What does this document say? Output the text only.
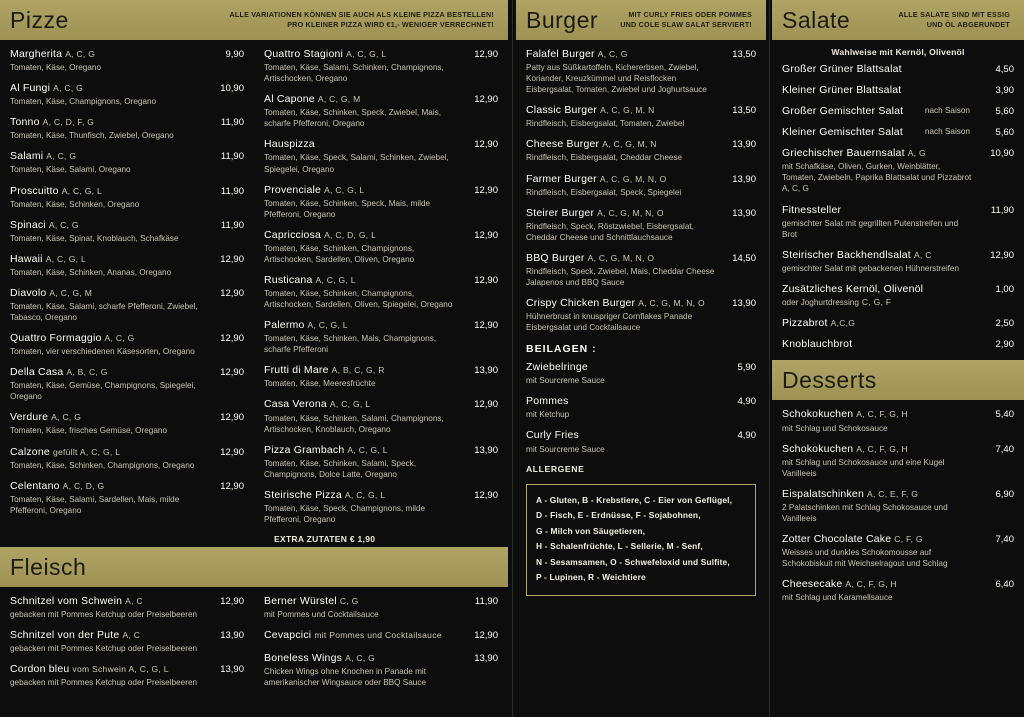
Pizze	ALLE VARIATIONEN KÖNNEN SIE AUCH ALS KLEINE PIZZA BESTELLEN!
PRO KLEINER PIZZA WIRD €1,- WENIGER VERRECHNET!
Margherita A, C, G
Tomaten, Käse, Oregano
9,90
Al Fungi A, C, G
Tomaten, Käse, Champignons, Oregano
10,90
Tonno A, C, D, F, G
Tomaten, Käse, Thunfisch, Zwiebel, Oregano
11,90
Salami A, C, G
Tomaten, Käse, Salami, Oregano
11,90
Proscuitto A, C, G, L
Tomaten, Käse, Schinken, Oregano
11,90
Spinaci A, C, G
Tomaten, Käse, Spinat, Knoblauch, Schafkäse
11,90
Hawaii A, C, G, L
Tomaten, Käse, Schinken, Ananas, Oregano
12,90
Diavolo A, C, G, M
Tomaten, Käse, Salami, scharfe Pfefferoni, Zwiebel, Tabasco, Oregano
12,90
Quattro Formaggio A, C, G
Tomaten, vier verschiedenen Käsesorten, Oregano
12,90
Della Casa A, B, C, G
Tomaten, Käse, Gemüse, Champignons, Spiegelei, Oregano
12,90
Verdure A, C, G
Tomaten, Käse, frisches Gemüse, Oregano
12,90
Calzone gefüllt A, C, G, L
Tomaten, Käse, Schinken, Champignons, Oregano
12,90
Celentano A, C, D, G
Tomaten, Käse, Salami, Sardellen, Mais, milde Pfefferoni, Oregano
12,90
Quattro Stagioni A, C, G, L
Tomaten, Käse, Salami, Schinken, Champignons, Artischocken, Oregano
12,90
Al Capone A, C, G, M
Tomaten, Käse, Schinken, Speck, Zwiebel, Mais, scharfe Pfefferoni, Oregano
12,90
Hauspizza
Tomaten, Käse, Speck, Salami, Schinken, Zwiebel, Spiegelei, Oregano
12,90
Provenciale A, C, G, L
Tomaten, Käse, Schinken, Speck, Mais, milde Pfefferoni, Oregano
12,90
Capricciosa A, C, D, G, L
Tomaten, Käse, Schinken, Champignons, Artischocken, Sardellen, Oliven, Oregano
12,90
Rusticana A, C, G, L
Tomaten, Käse, Schinken, Champignons, Artischocken, Sardellen, Oliven, Spiegelei, Oregano
12,90
Palermo A, C, G, L
Tomaten, Käse, Schinken, Mais, Champignons, scharfe Pfefferoni
12,90
Frutti di Mare A, B, C, G, R
Tomaten, Käse, Meeresfrüchte
13,90
Casa Verona A, C, G, L
Tomaten, Käse, Schinken, Salami, Champignons, Artischocken, Knoblauch, Oregano
12,90
Pizza Grambach A, C, G, L
Tomaten, Käse, Schinken, Salami, Speck, Champignons, Dolce Latte, Oregano
13,90
Steirische Pizza A, C, G, L
Tomaten, Käse, Speck, Champignons, milde Pfefferoni, Oregano
12,90
EXTRA ZUTATEN € 1,90
Fleisch
Schnitzel vom Schwein A, C
gebacken mit Pommes Ketchup oder Preiselbeeren
12,90
Schnitzel von der Pute A, C
gebacken mit Pommes Ketchup oder Preiselbeeren
13,90
Cordon bleu vom Schwein A, C, G, L
gebacken mit Pommes Ketchup oder Preiselbeeren
13,90
Berner Würstel C, G
mit Pommes und Cocktailsauce
11,90
Cevapcici mit Pommes und Cocktailsauce	12,90
Boneless Wings A, C, G
Chicken Wings ohne Knochen in Panade mit amerikanischer Wingsauce oder BBQ Sauce
13,90
Burger	MIT CURLY FRIES ODER POMMES
UND COLE SLAW SALAT SERVIERT!
Falafel Burger A, C, G
Patty aus Süßkartoffeln, Kichererbsen, Zwiebel, Koriander, Kreuzkümmel und Reisflocken Eisbergsalat, Tomaten, Zwiebel und Joghurtsauce
13,50
Classic Burger A, C, G, M, N
Rindfleisch, Eisbergsalat, Tomaten, Zwiebel
13,50
Cheese Burger A, C, G, M, N
Rindfleisch, Eisbergsalat, Cheddar Cheese
13,90
Farmer Burger A, C, G, M, N, O
Rindfleisch, Eisbergsalat, Speck, Spiegelei
13,90
Steirer Burger A, C, G, M, N, O
Rindfleisch, Speck, Röstzwiebel, Eisbergsalat, Cheddar Cheese und Schnittlauchsauce
13,90
BBQ Burger A, C, G, M, N, O
Rindfleisch, Speck, Zwiebel, Mais, Cheddar Cheese Jalapenos und BBQ Sauce
14,50
Crispy Chicken Burger A, C, G, M, N, O
Hühnerbrust in knuspriger Cornflakes Panade Eisbergsalat und Cocktailsauce
13,90
BEILAGEN :
Zwiebelringe
mit Sourcreme Sauce
5,90
Pommes
mit Ketchup
4,90
Curly Fries
mit Sourcreme Sauce
4,90
ALLERGENE
A - Gluten, B - Krebstiere, C - Eier von Geflügel,
D - Fisch, E - Erdnüsse, F - Sojabohnen,
G - Milch von Säugetieren,
H - Schalenfrüchte, L - Sellerie, M - Senf,
N - Sesamsamen, O - Schwefeloxid und Sulfite,
P - Lupinen, R - Weichtiere
Salate	ALLE SALATE SIND MIT ESSIG
UND ÖL ABGERUNDET
Wahlweise mit Kernöl, Olivenöl
Großer Grüner Blattsalat	4,50
Kleiner Grüner Blattsalat	3,90
Großer Gemischter Salat	nach Saison	5,60
Kleiner Gemischter Salat	nach Saison	5,60
Griechischer Bauernsalat A, G
mit Schafkäse, Oliven, Gurken, Weinblätter, Tomaten, Zwiebeln, Paprika Blattsalat und Pizzabrot A, C, G
10,90
Fitnessteller
gemischter Salat mit gegrillten Putenstreifen und Brot
11,90
Steirischer Backhendlsalat A, C
gemischter Salat mit gebackenen Hühnerstreifen
12,90
Zusätzliches Kernöl, Olivenöl
oder Joghurtdressing C, G, F
1,00
Pizzabrot A,C,G	2,50
Knoblauchbrot	2,90
Desserts
Schokokuchen A, C, F, G, H
mit Schlag und Schokosauce
5,40
Schokokuchen A, C, F, G, H
mit Schlag und Schokosauce und eine Kugel Vanilleeis
7,40
Eispalatschinken A, C, E, F, G
2 Palatschinken mit Schlag Schokosauce und Vanilleeis
6,90
Zotter Chocolate Cake C, F, G
Weisses und dunkles Schokomousse auf Schokobiskuit mit Weichselragout und Schlag
7,40
Cheesecake A, C, F, G, H
mit Schlag und Karamellsauce
6,40
